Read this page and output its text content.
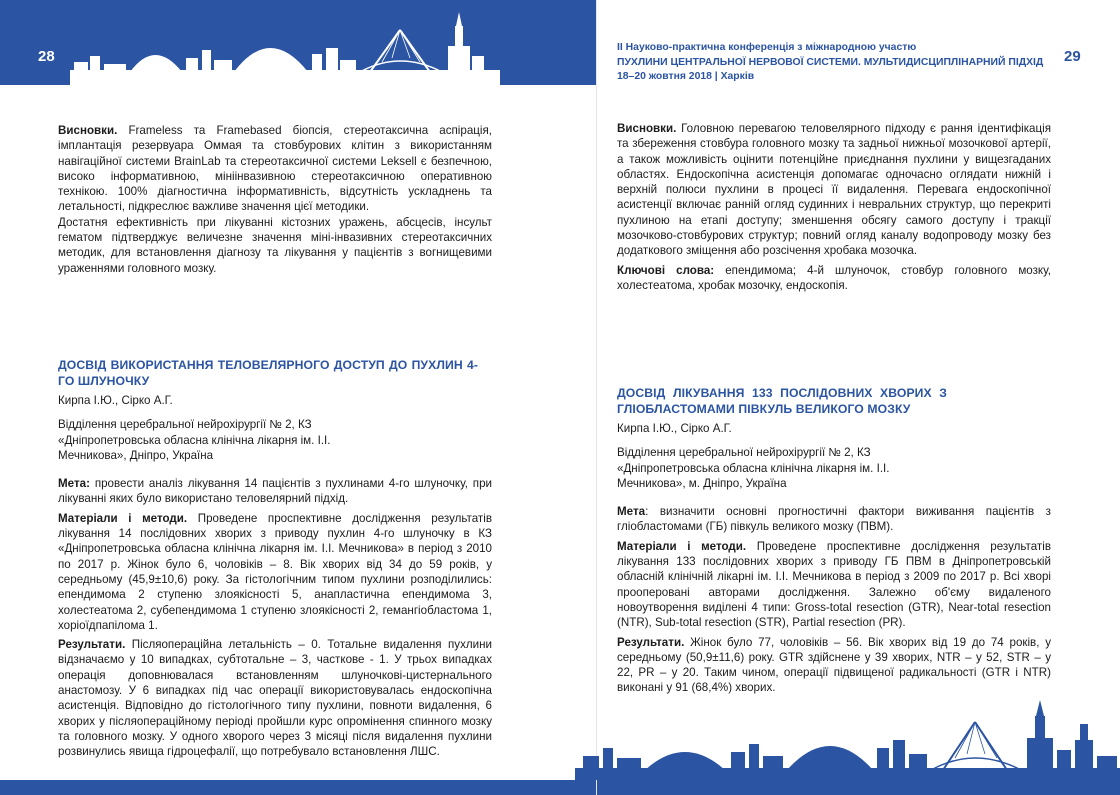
28	29
II Науково-практична конференція з міжнародною участю
ПУХЛИНИ ЦЕНТРАЛЬНОЇ НЕРВОВОЇ СИСТЕМИ. МУЛЬТИДИСЦИПЛІНАРНИЙ ПІДХІД
18–20 жовтня 2018 | Харків

Висновки. Frameless та Framebased біопсія, стереотаксична аспірація, імплантація резервуара Оммая та стовбурових клітин з використанням навігаційної системи BrainLab та стереотаксичної системи Leksell є безпечною, високо інформативною, мініінвазивною стереотаксичною оперативною технікою. 100% діагностична інформативність, відсутність ускладнень та летальності, підкреслює важливе значення цієї методики.

Достатня ефективність при лікуванні кістозних уражень, абсцесів, інсульт гематом підтверджує величезне значення міні-інвазивних стереотаксичних методик, для встановлення діагнозу та лікування у пацієнтів з вогнищевими ураженнями головного мозку.

ДОСВІД ВИКОРИСТАННЯ ТЕЛОВЕЛЯРНОГО ДОСТУП ДО ПУХЛИН 4-ГО ШЛУНОЧКУ

Кирпа І.Ю., Сірко А.Г.

Відділення церебральної нейрохірургії № 2, КЗ «Дніпропетровська обласна клінічна лікарня ім. І.І. Мечникова», Дніпро, Україна

Мета: провести аналіз лікування 14 пацієнтів з пухлинами 4-го шлуночку, при лікуванні яких було використано теловелярний підхід.

Матеріали і методи. Проведене проспективне дослідження результатів лікування 14 послідовних хворих з приводу пухлин 4-го шлуночку в КЗ «Дніпропетровська обласна клінічна лікарня ім. І.І. Мечникова» в період з 2010 по 2017 р. Жінок було 6, чоловіків – 8. Вік хворих від 34 до 59 років, у середньому (45,9±10,6) року. За гістологічним типом пухлини розподілились: епендимома 2 ступеню злоякісності 5, анапластична епендимома 3, холестеатома 2, субепендимома 1 ступеню злоякісності 2, гемангіобластома 1, хоріоїдпапілома 1.

Результати. Післяопераційна летальність – 0. Тотальне видалення пухлини відзначаємо у 10 випадках, субтотальне – 3, часткове - 1. У трьох випадках операція доповнювалася встановленням шлуночкові-цистернального анастомозу. У 6 випадках під час операції використовувалась ендоскопічна асистенція. Відповідно до гістологічного типу пухлини, повноти видалення, 6 хворих у післяопераційному періоді пройшли курс опромінення спинного мозку та головного мозку. У одного хворого через 3 місяці після видалення пухлини розвинулись явища гідроцефалії, що потребувало встановлення ЛШС.

Висновки. Головною перевагою теловелярного підходу є рання ідентифікація та збереження стовбура головного мозку та задньої нижньої мозочкової артерії, а також можливість оцінити потенційне приєднання пухлини у вищезгаданих областях. Ендоскопічна асистенція допомагає одночасно оглядати нижній і верхній полюси пухлини в процесі її видалення. Перевага ендоскопічної асистенції включає ранній огляд судинних і невральних структур, що перекриті пухлиною на етапі доступу; зменшення обсягу самого доступу і тракції мозочково-стовбурових структур; повний огляд каналу водопроводу мозку без додаткового зміщення або розсічення хробака мозочка.

Ключові слова: епендимома; 4-й шлуночок, стовбур головного мозку, холестеатома, хробак мозочку, ендоскопія.

ДОСВІД ЛІКУВАННЯ 133 ПОСЛІДОВНИХ ХВОРИХ З ГЛІОБЛАСТОМАМИ ПІВКУЛЬ ВЕЛИКОГО МОЗКУ

Кирпа І.Ю., Сірко А.Г.

Відділення церебральної нейрохірургії № 2, КЗ «Дніпропетровська обласна клінічна лікарня ім. І.І. Мечникова», м. Дніпро, Україна

Мета: визначити основні прогностичні фактори виживання пацієнтів з гліобластомами (ГБ) півкуль великого мозку (ПВМ).

Матеріали і методи. Проведене проспективне дослідження результатів лікування 133 послідовних хворих з приводу ГБ ПВМ в Дніпропетровській обласній клінічній лікарні ім. І.І. Мечникова в період з 2009 по 2017 р. Всі хворі прооперовані авторами дослідження. Залежно об'єму видаленого новоутворення виділені 4 типи: Gross-total resection (GTR), Near-total resection (NTR), Sub-total resection (STR), Partial resection (PR).

Результати. Жінок було 77, чоловіків – 56. Вік хворих від 19 до 74 років, у середньому (50,9±11,6) року. GTR здійснене у 39 хворих, NTR – у 52, STR – у 22, PR – у 20. Таким чином, операції підвищеної радикальності (GTR і NTR) виконані у 91 (68,4%) хворих.
